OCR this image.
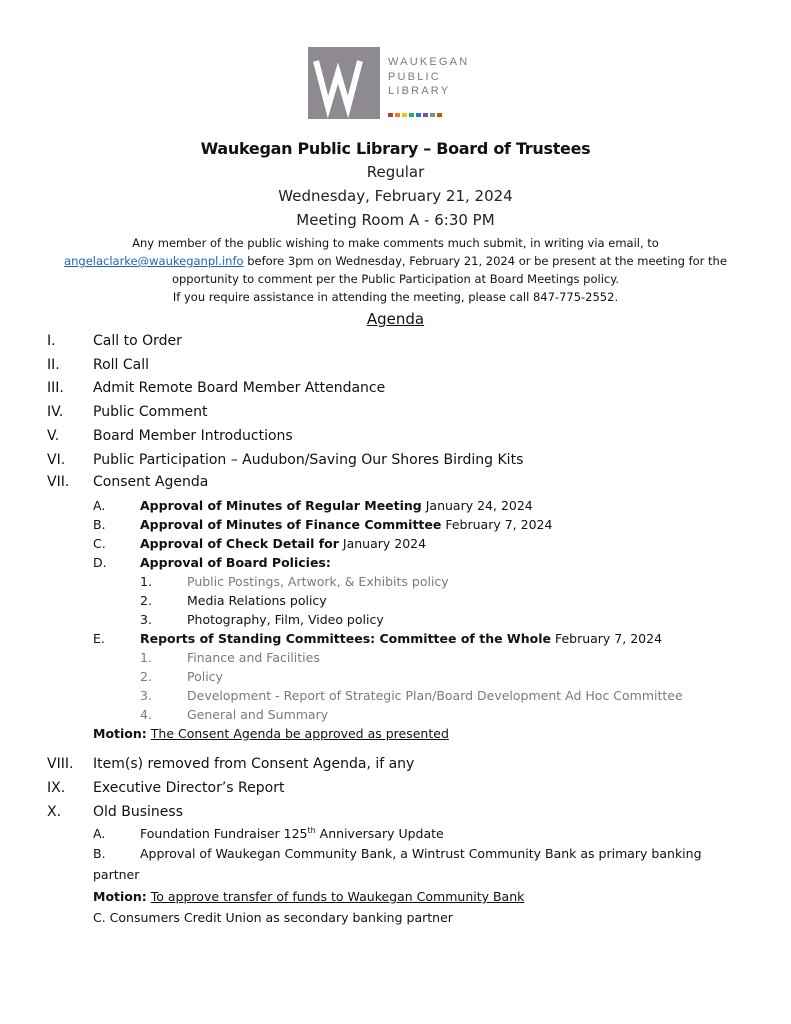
WAUKEGAN
PUBLIC
LIBRARY
Waukegan Public Library – Board of Trustees
Regular
Wednesday, February 21, 2024
Meeting Room A - 6:30 PM
Any member of the public wishing to make comments much submit, in writing via email, to
angelaclarke@waukeganpl.info before 3pm on Wednesday, February 21, 2024 or be present at the meeting for the
opportunity to comment per the Public Participation at Board Meetings policy.
If you require assistance in attending the meeting, please call 847-775-2552.
Agenda
I.	Call to Order
II.	Roll Call
III.	Admit Remote Board Member Attendance
IV.	Public Comment
V.	Board Member Introductions
VI.	Public Participation – Audubon/Saving Our Shores Birding Kits
VII.	Consent Agenda
A.	Approval of Minutes of Regular Meeting January 24, 2024
B.	Approval of Minutes of Finance Committee February 7, 2024
C.	Approval of Check Detail for January 2024
D.	Approval of Board Policies:
1.	Public Postings, Artwork, & Exhibits policy
2.	Media Relations policy
3.	Photography, Film, Video policy
E.	Reports of Standing Committees: Committee of the Whole February 7, 2024
1.	Finance and Facilities
2.	Policy
3.	Development - Report of Strategic Plan/Board Development Ad Hoc Committee
4.	General and Summary
Motion: The Consent Agenda be approved as presented
VIII.	Item(s) removed from Consent Agenda, if any
IX.	Executive Director’s Report
X.	Old Business
A.	Foundation Fundraiser 125th Anniversary Update
B.	Approval of Waukegan Community Bank, a Wintrust Community Bank as primary banking
partner
Motion: To approve transfer of funds to Waukegan Community Bank
C. Consumers Credit Union as secondary banking partner
